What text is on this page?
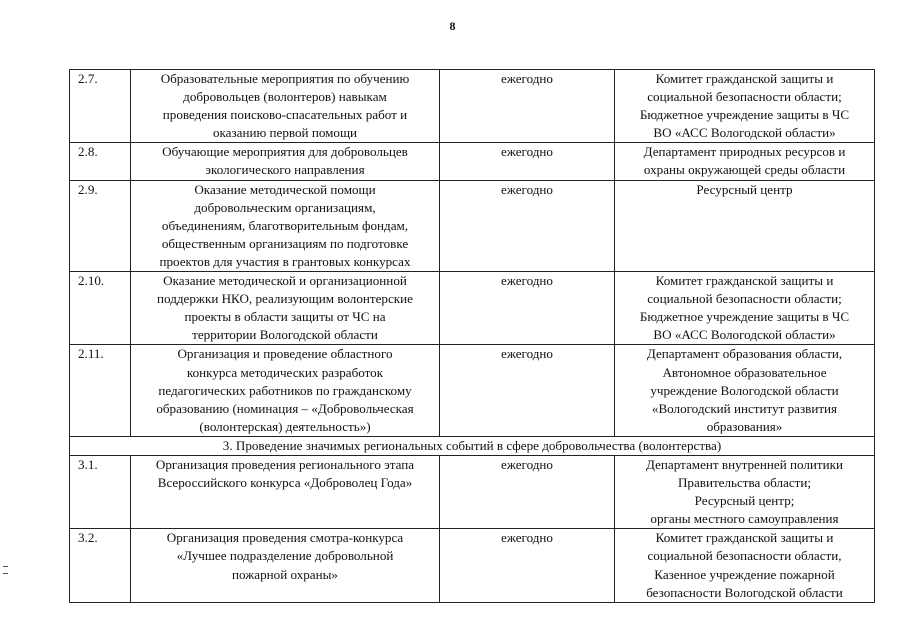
8
2.7.	Образовательные мероприятия по обучению
добровольцев (волонтеров) навыкам
проведения поисково-спасательных работ и
оказанию первой помощи	ежегодно	Комитет гражданской защиты и
социальной безопасности области;
Бюджетное учреждение защиты в ЧС
ВО «АСС Вологодской области»

2.8.	Обучающие мероприятия для добровольцев
экологического направления	ежегодно	Департамент природных ресурсов и
охраны окружающей среды области

2.9.	Оказание методической помощи
добровольческим организациям,
объединениям, благотворительным фондам,
общественным организациям по подготовке
проектов для участия в грантовых конкурсах	ежегодно	Ресурсный центр

2.10.	Оказание методической и организационной
поддержки НКО, реализующим волонтерские
проекты в области защиты от ЧС на
территории Вологодской области	ежегодно	Комитет гражданской защиты и
социальной безопасности области;
Бюджетное учреждение защиты в ЧС
ВО «АСС Вологодской области»

2.11.	Организация и проведение областного
конкурса методических разработок
педагогических работников по гражданскому
образованию (номинация – «Добровольческая
(волонтерская) деятельность»)	ежегодно	Департамент образования области,
Автономное образовательное
учреждение Вологодской области
«Вологодский институт развития
образования»

3. Проведение значимых региональных событий в сфере добровольчества (волонтерства)			
3.1.	Организация проведения регионального этапа
Всероссийского конкурса «Доброволец Года»	ежегодно	Департамент внутренней политики
Правительства области;
Ресурсный центр;
органы местного самоуправления

3.2.	Организация проведения смотра-конкурса
«Лучшее подразделение добровольной
пожарной охраны»	ежегодно	Комитет гражданской защиты и
социальной безопасности области,
Казенное учреждение пожарной
безопасности Вологодской области
